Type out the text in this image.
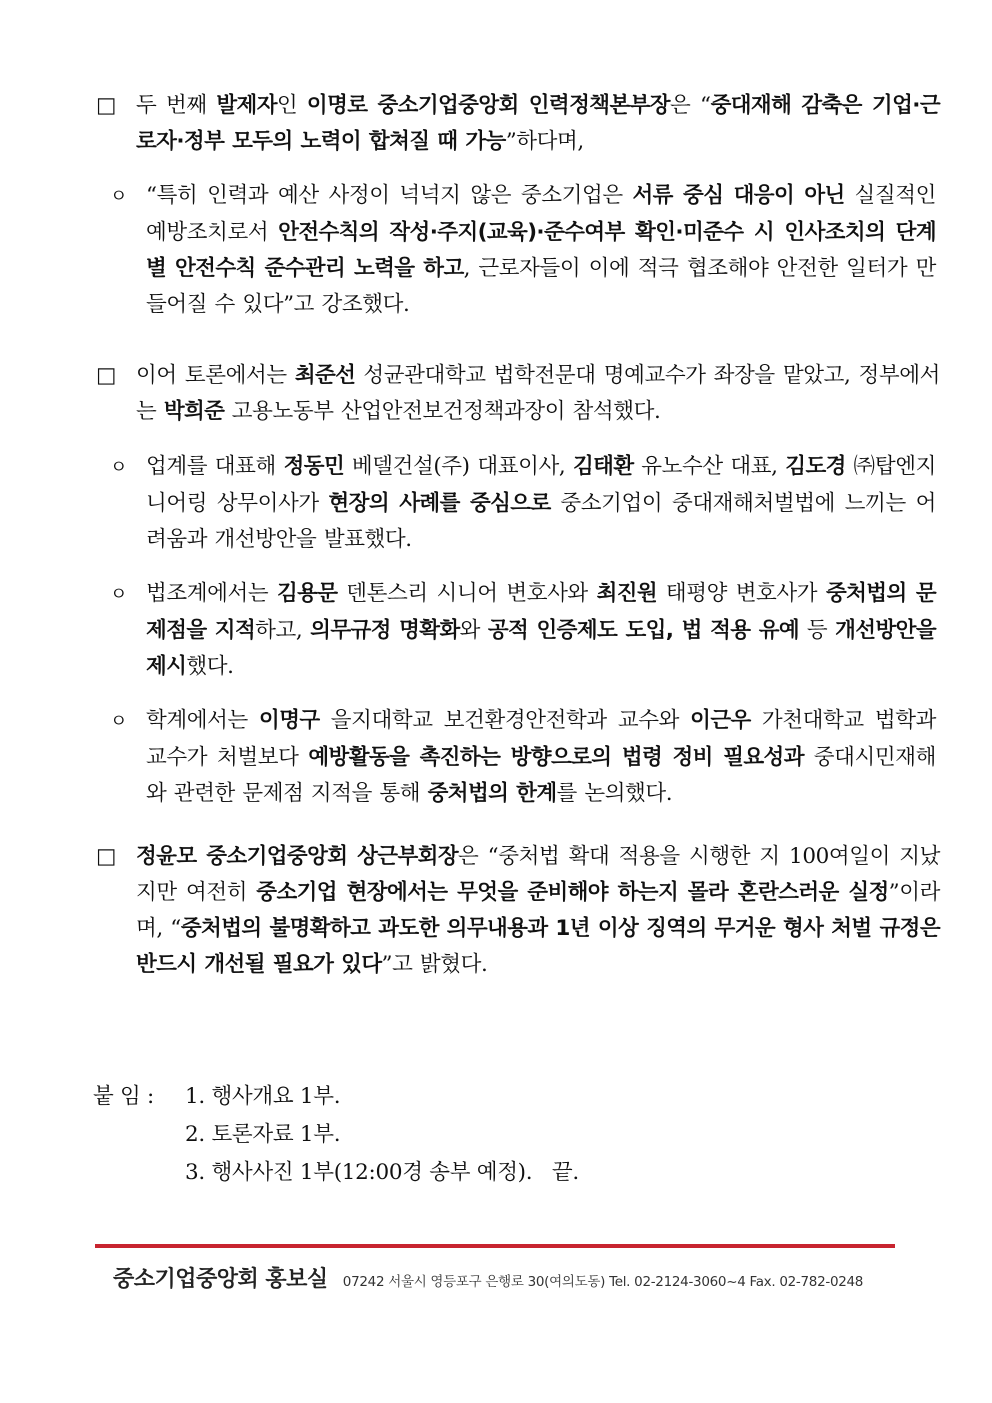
□ 두 번째 발제자인 이명로 중소기업중앙회 인력정책본부장은 “중대재해 감축은 기업·근로자·정부 모두의 노력이 합쳐질 때 가능”하다며,
ㅇ “특히 인력과 예산 사정이 넉넉지 않은 중소기업은 서류 중심 대응이 아닌 실질적인 예방조치로서 안전수칙의 작성·주지(교육)·준수여부 확인·미준수 시 인사조치의 단계별 안전수칙 준수관리 노력을 하고, 근로자들이 이에 적극 협조해야 안전한 일터가 만들어질 수 있다”고 강조했다.
□ 이어 토론에서는 최준선 성균관대학교 법학전문대 명예교수가 좌장을 맡았고, 정부에서는 박희준 고용노동부 산업안전보건정책과장이 참석했다.
ㅇ 업계를 대표해 정동민 베델건설(주) 대표이사, 김태환 유노수산 대표, 김도경 ㈜탑엔지니어링 상무이사가 현장의 사례를 중심으로 중소기업이 중대재해처벌법에 느끼는 어려움과 개선방안을 발표했다.
ㅇ 법조계에서는 김용문 덴톤스리 시니어 변호사와 최진원 태평양 변호사가 중처법의 문제점을 지적하고, 의무규정 명확화와 공적 인증제도 도입, 법 적용 유예 등 개선방안을 제시했다.
ㅇ 학계에서는 이명구 을지대학교 보건환경안전학과 교수와 이근우 가천대학교 법학과 교수가 처벌보다 예방활동을 촉진하는 방향으로의 법령 정비 필요성과 중대시민재해와 관련한 문제점 지적을 통해 중처법의 한계를 논의했다.
□ 정윤모 중소기업중앙회 상근부회장은 “중처법 확대 적용을 시행한 지 100여일이 지났지만 여전히 중소기업 현장에서는 무엇을 준비해야 하는지 몰라 혼란스러운 실정”이라며, “중처법의 불명확하고 과도한 의무내용과 1년 이상 징역의 무거운 형사 처벌 규정은 반드시 개선될 필요가 있다”고 밝혔다.
붙 임 :	1. 행사개요 1부.
2. 토론자료 1부.
3. 행사사진 1부(12:00경 송부 예정).   끝.
중소기업중앙회 홍보실 07242 서울시 영등포구 은행로 30(여의도동) Tel. 02-2124-3060~4 Fax. 02-782-0248
